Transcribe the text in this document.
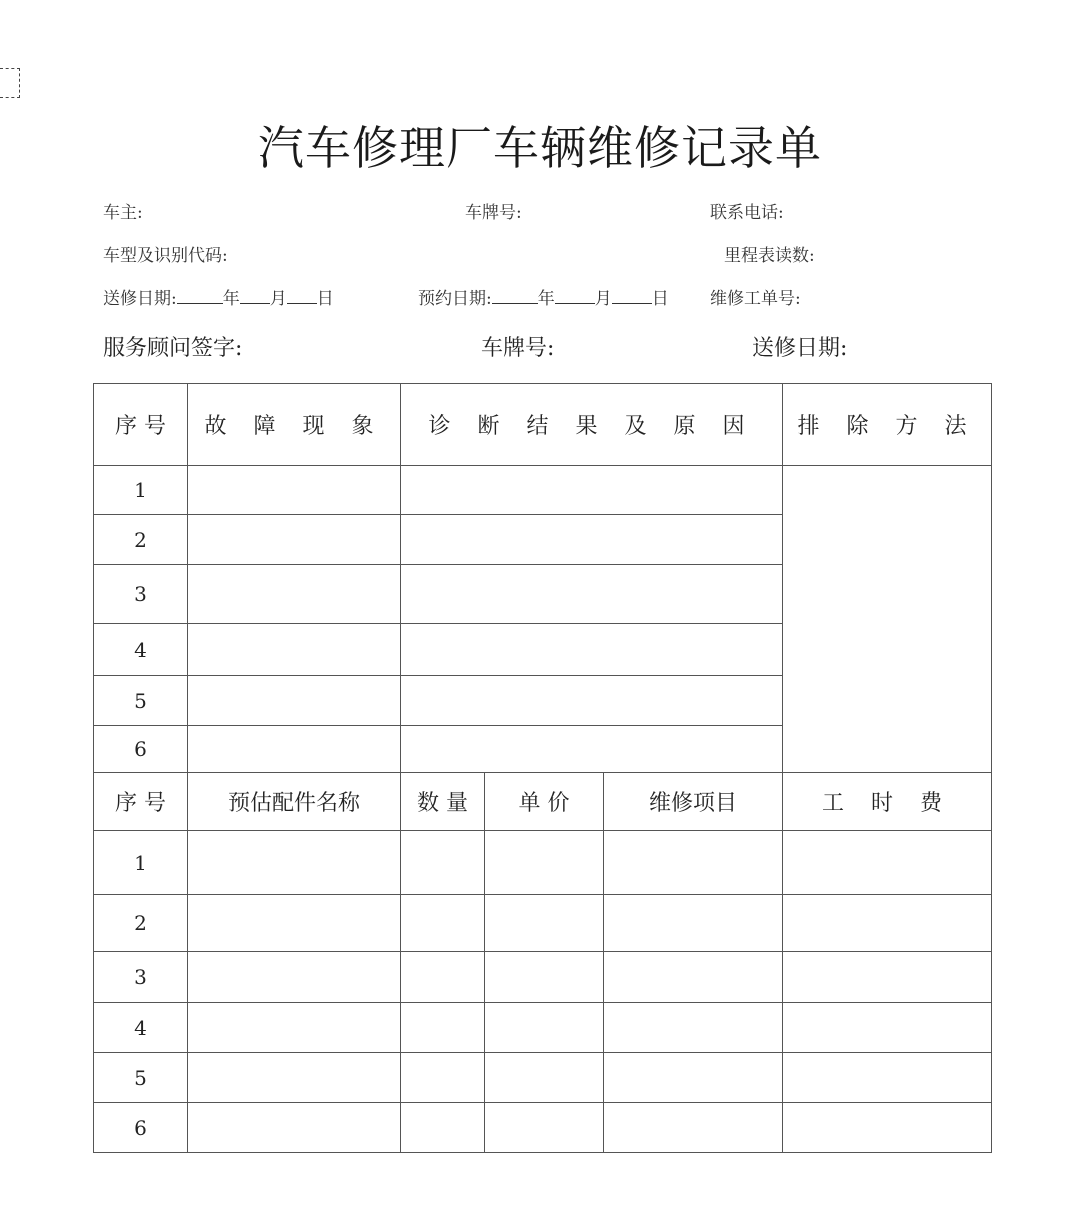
汽车修理厂车辆维修记录单
车主:	车牌号:	联系电话:
车型及识别代码:	里程表读数:
送修日期:	年 月 日	预约日期:	年 月 日 维修工单号:
服务顾问签字:	车牌号:	送修日期:
序 号	故 障 现 象	诊 断 结 果 及 原 因	排 除 方 法
1			
2			
3			
4			
5			
6			
序 号	预估配件名称	数 量	单 价	维修项目	工 时 费
1					
2					
3					
4					
5					
6					
